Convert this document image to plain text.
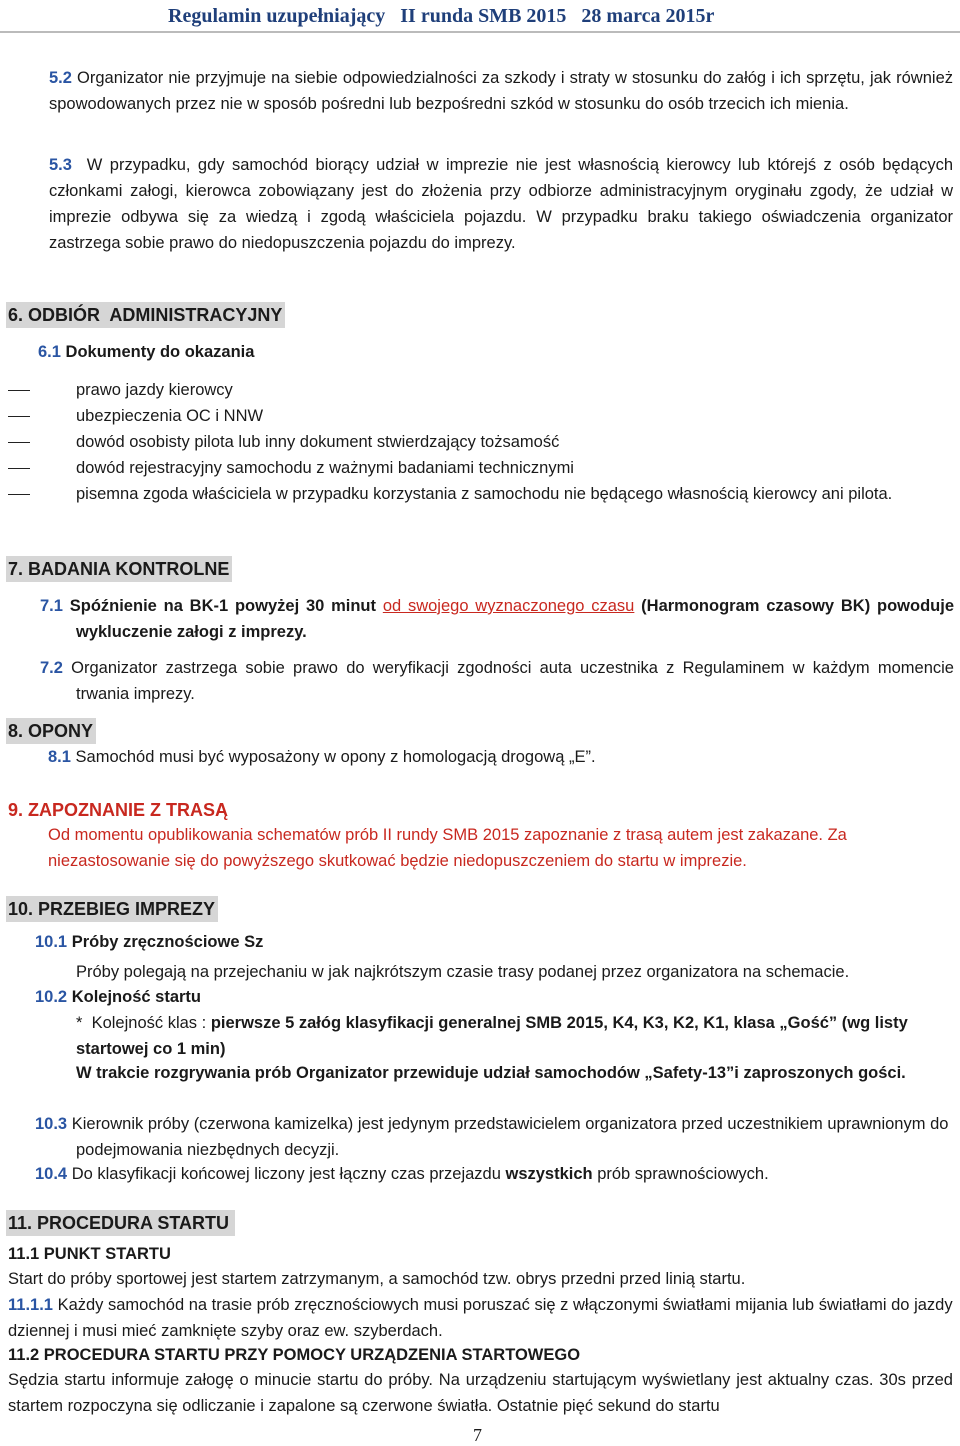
Regulamin uzupełniający II runda SMB 2015 28 marca 2015r
5.2 Organizator nie przyjmuje na siebie odpowiedzialności za szkody i straty w stosunku do załóg i ich sprzętu, jak również spowodowanych przez nie w sposób pośredni lub bezpośredni szkód w stosunku do osób trzecich ich mienia.
5.3 W przypadku, gdy samochód biorący udział w imprezie nie jest własnością kierowcy lub którejś z osób będących członkami załogi, kierowca zobowiązany jest do złożenia przy odbiorze administracyjnym oryginału zgody, że udział w imprezie odbywa się za wiedzą i zgodą właściciela pojazdu. W przypadku braku takiego oświadczenia organizator zastrzega sobie prawo do niedopuszczenia pojazdu do imprezy.
6. ODBIÓR  ADMINISTRACYJNY
6.1 Dokumenty do okazania
prawo jazdy kierowcy
ubezpieczenia OC i NNW
dowód osobisty pilota lub inny dokument stwierdzający tożsamość
dowód rejestracyjny samochodu z ważnymi badaniami technicznymi
pisemna zgoda właściciela w przypadku korzystania z samochodu nie będącego własnością kierowcy ani pilota.
7. BADANIA KONTROLNE
7.1 Spóźnienie na BK-1 powyżej 30 minut od swojego wyznaczonego czasu (Harmonogram czasowy BK) powoduje wykluczenie załogi z imprezy.
7.2 Organizator zastrzega sobie prawo do weryfikacji zgodności auta uczestnika z Regulaminem w każdym momencie trwania imprezy.
8. OPONY
8.1 Samochód musi być wyposażony w opony z homologacją drogową „E”.
9. ZAPOZNANIE Z TRASĄ
Od momentu opublikowania schematów prób II rundy SMB 2015 zapoznanie z trasą autem jest zakazane. Za niezastosowanie się do powyższego skutkować będzie niedopuszczeniem do startu w imprezie.
10. PRZEBIEG IMPREZY
10.1 Próby zręcznościowe Sz
Próby polegają na przejechaniu w jak najkrótszym czasie trasy podanej przez organizatora na schemacie.
10.2 Kolejność startu
*  Kolejność klas : pierwsze 5 załóg klasyfikacji generalnej SMB 2015, K4, K3, K2, K1, klasa „Gość” (wg listy startowej co 1 min)
W trakcie rozgrywania prób Organizator przewiduje udział samochodów „Safety-13”i zaproszonych gości.
10.3 Kierownik próby (czerwona kamizelka) jest jedynym przedstawicielem organizatora przed uczestnikiem uprawnionym do podejmowania niezbędnych decyzji.
10.4 Do klasyfikacji końcowej liczony jest łączny czas przejazdu wszystkich prób sprawnościowych.
11. PROCEDURA STARTU
11.1 PUNKT STARTU
Start do próby sportowej jest startem zatrzymanym, a samochód tzw. obrys przedni przed linią startu.
11.1.1 Każdy samochód na trasie prób zręcznościowych musi poruszać się z włączonymi światłami mijania lub światłami do jazdy dziennej i musi mieć zamknięte szyby oraz ew. szyberdach.
11.2 PROCEDURA STARTU PRZY POMOCY URZĄDZENIA STARTOWEGO
Sędzia startu informuje załogę o minucie startu do próby. Na urządzeniu startującym wyświetlany jest aktualny czas. 30s przed startem rozpoczyna się odliczanie i zapalone są czerwone światła. Ostatnie pięć sekund do startu
7
